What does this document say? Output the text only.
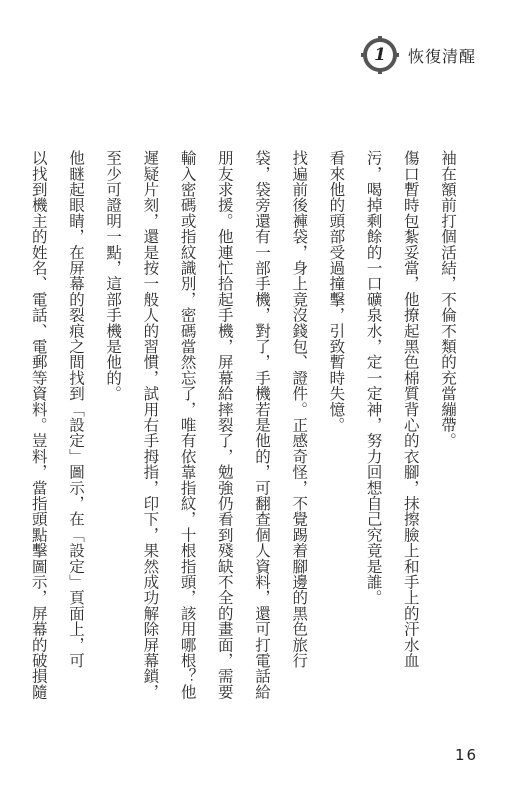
1	恢復清醒
袖在額前打個活結，不倫不類的充當繃帶。
傷口暫時包紮妥當，他撩起黑色棉質背心的衣腳，抹擦臉上和手上的汗水血
污，喝掉剩餘的一口礦泉水，定一定神，努力回想自己究竟是誰。
看來他的頭部受過撞擊，引致暫時失憶。
找遍前後褲袋，身上竟沒錢包、證件。正感奇怪，不覺踢着腳邊的黑色旅行
袋，袋旁還有一部手機，對了，手機若是他的，可翻查個人資料，還可打電話給
朋友求援。他連忙拾起手機，屏幕給摔裂了，勉強仍看到殘缺不全的畫面，需要
輸入密碼或指紋識別，密碼當然忘了，唯有依靠指紋，十根指頭，該用哪根？他
遲疑片刻，還是按一般人的習慣，試用右手拇指，印下，果然成功解除屏幕鎖，
至少可證明一點，這部手機是他的。
他瞇起眼睛，在屏幕的裂痕之間找到「設定」圖示，在「設定」頁面上，可
以找到機主的姓名、電話、電郵等資料。豈料，當指頭點擊圖示，屏幕的破損隨
16
